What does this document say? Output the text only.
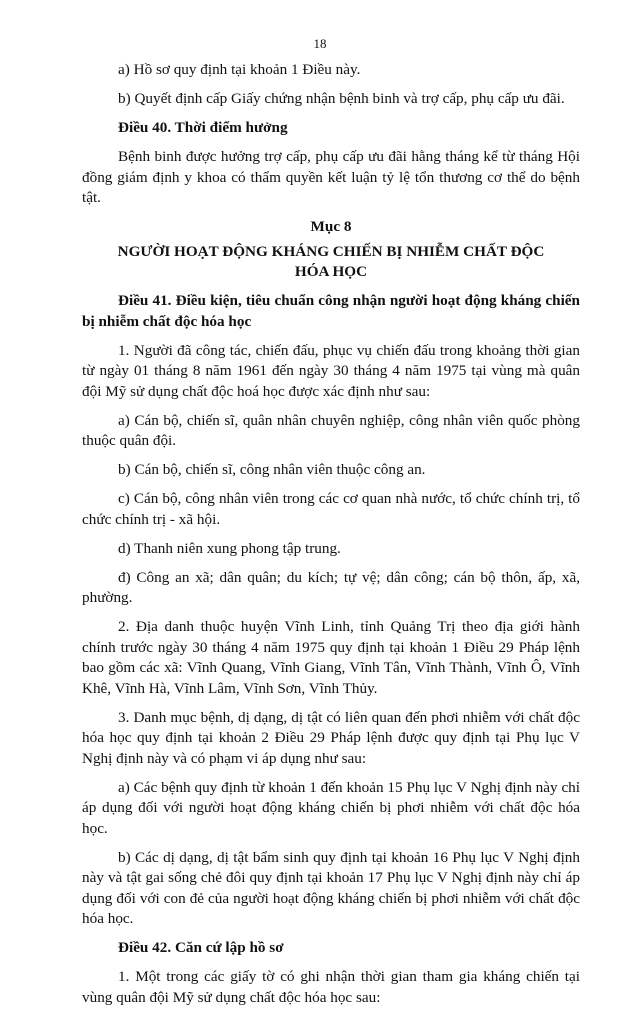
18

a) Hồ sơ quy định tại khoản 1 Điều này.

b) Quyết định cấp Giấy chứng nhận bệnh binh và trợ cấp, phụ cấp ưu đãi.

Điều 40. Thời điểm hưởng

Bệnh binh được hưởng trợ cấp, phụ cấp ưu đãi hằng tháng kể từ tháng Hội đồng giám định y khoa có thẩm quyền kết luận tỷ lệ tổn thương cơ thể do bệnh tật.

Mục 8

NGƯỜI HOẠT ĐỘNG KHÁNG CHIẾN BỊ NHIỄM CHẤT ĐỘC HÓA HỌC

Điều 41. Điều kiện, tiêu chuẩn công nhận người hoạt động kháng chiến bị nhiễm chất độc hóa học

1. Người đã công tác, chiến đấu, phục vụ chiến đấu trong khoảng thời gian từ ngày 01 tháng 8 năm 1961 đến ngày 30 tháng 4 năm 1975 tại vùng mà quân đội Mỹ sử dụng chất độc hoá học được xác định như sau:

a) Cán bộ, chiến sĩ, quân nhân chuyên nghiệp, công nhân viên quốc phòng thuộc quân đội.

b) Cán bộ, chiến sĩ, công nhân viên thuộc công an.

c) Cán bộ, công nhân viên trong các cơ quan nhà nước, tổ chức chính trị, tổ chức chính trị - xã hội.

d) Thanh niên xung phong tập trung.

đ) Công an xã; dân quân; du kích; tự vệ; dân công; cán bộ thôn, ấp, xã, phường.

2. Địa danh thuộc huyện Vĩnh Linh, tỉnh Quảng Trị theo địa giới hành chính trước ngày 30 tháng 4 năm 1975 quy định tại khoản 1 Điều 29 Pháp lệnh bao gồm các xã: Vĩnh Quang, Vĩnh Giang, Vĩnh Tân, Vĩnh Thành, Vĩnh Ô, Vĩnh Khê, Vĩnh Hà, Vĩnh Lâm, Vĩnh Sơn, Vĩnh Thủy.

3. Danh mục bệnh, dị dạng, dị tật có liên quan đến phơi nhiễm với chất độc hóa học quy định tại khoản 2 Điều 29 Pháp lệnh được quy định tại Phụ lục V Nghị định này và có phạm vi áp dụng như sau:

a) Các bệnh quy định từ khoản 1 đến khoản 15 Phụ lục V Nghị định này chỉ áp dụng đối với người hoạt động kháng chiến bị phơi nhiễm với chất độc hóa học.

b) Các dị dạng, dị tật bẩm sinh quy định tại khoản 16 Phụ lục V Nghị định này và tật gai sống chẻ đôi quy định tại khoản 17 Phụ lục V Nghị định này chỉ áp dụng đối với con đẻ của người hoạt động kháng chiến bị phơi nhiễm với chất độc hóa học.

Điều 42. Căn cứ lập hồ sơ

1. Một trong các giấy tờ có ghi nhận thời gian tham gia kháng chiến tại vùng quân đội Mỹ sử dụng chất độc hóa học sau:
